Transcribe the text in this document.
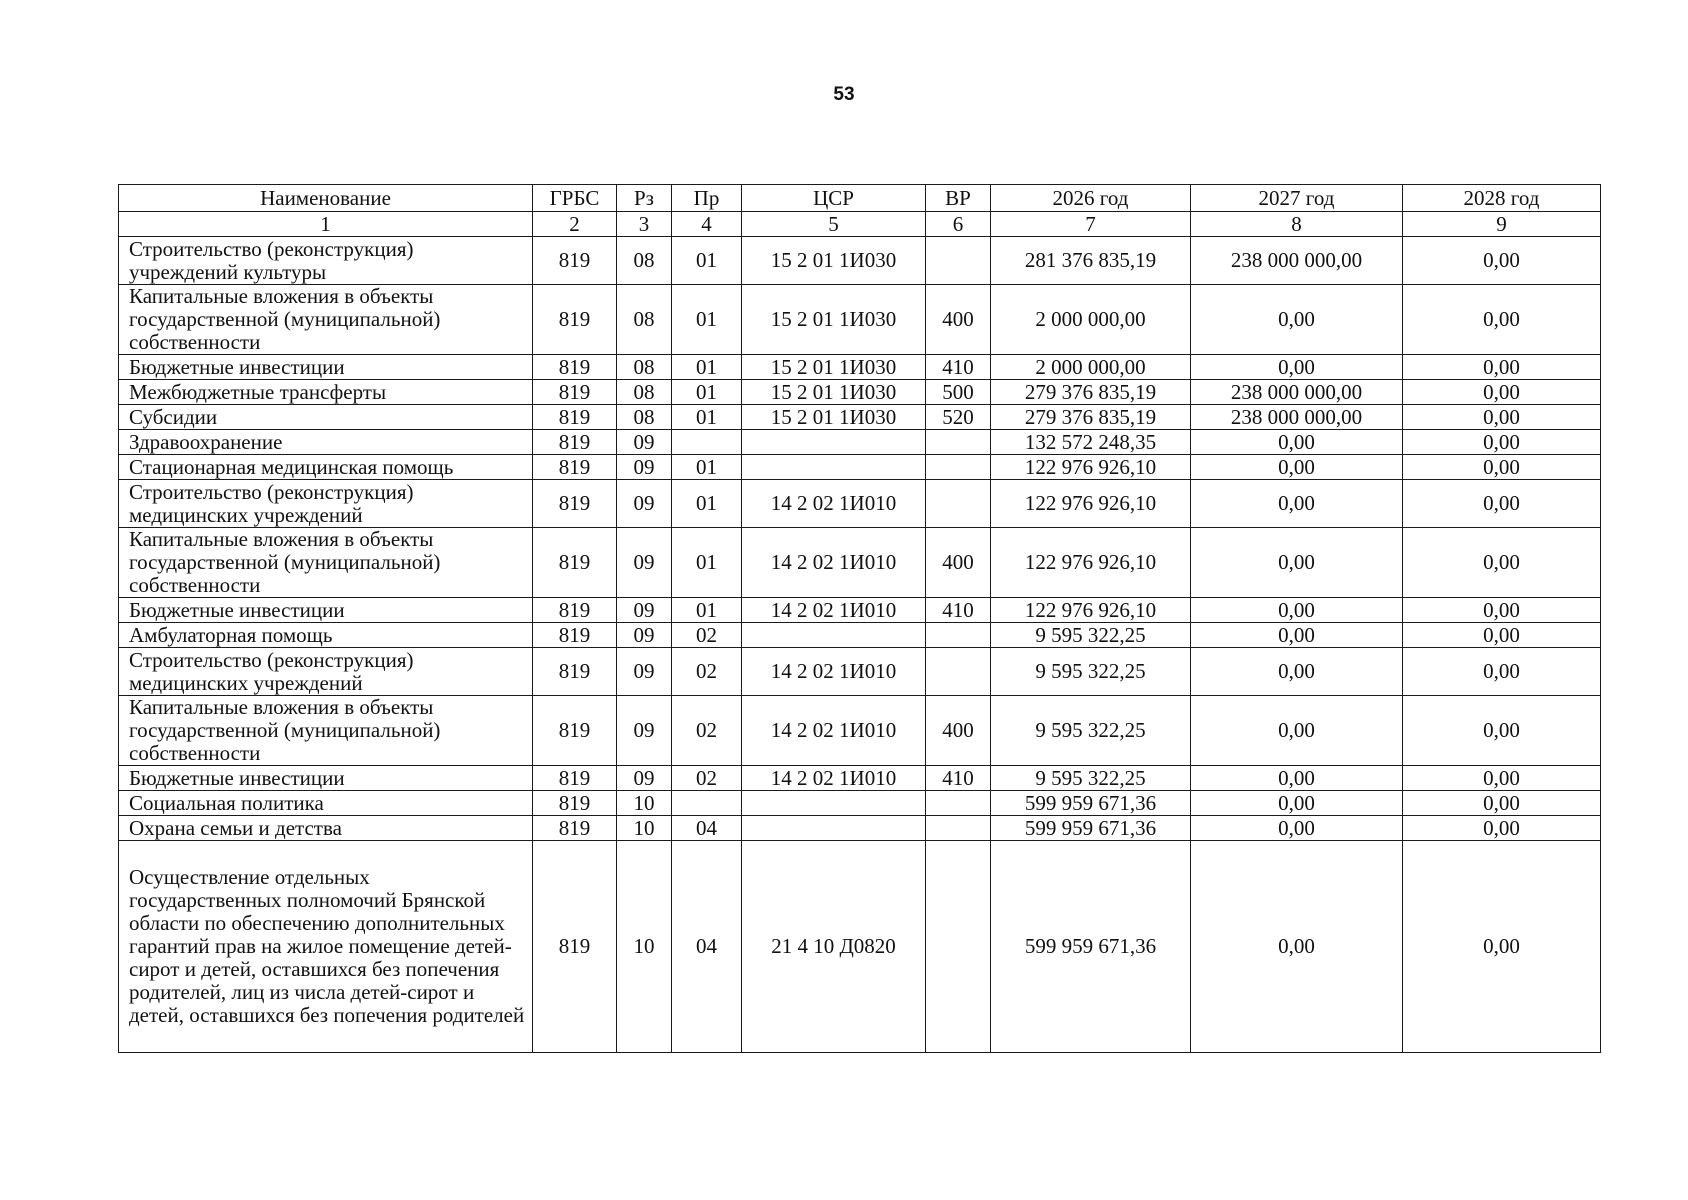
53
Наименование	ГРБС	Рз	Пр	ЦСР	ВР	2026 год	2027 год	2028 год
1	2	3	4	5	6	7	8	9
Строительство (реконструкция) учреждений культуры	819	08	01	15 2 01 1И030		281 376 835,19	238 000 000,00	0,00
Капитальные вложения в объекты государственной (муниципальной) собственности	819	08	01	15 2 01 1И030	400	2 000 000,00	0,00	0,00
Бюджетные инвестиции	819	08	01	15 2 01 1И030	410	2 000 000,00	0,00	0,00
Межбюджетные трансферты	819	08	01	15 2 01 1И030	500	279 376 835,19	238 000 000,00	0,00
Субсидии	819	08	01	15 2 01 1И030	520	279 376 835,19	238 000 000,00	0,00
Здравоохранение	819	09				132 572 248,35	0,00	0,00
Стационарная медицинская помощь	819	09	01			122 976 926,10	0,00	0,00
Строительство (реконструкция) медицинских учреждений	819	09	01	14 2 02 1И010		122 976 926,10	0,00	0,00
Капитальные вложения в объекты государственной (муниципальной) собственности	819	09	01	14 2 02 1И010	400	122 976 926,10	0,00	0,00
Бюджетные инвестиции	819	09	01	14 2 02 1И010	410	122 976 926,10	0,00	0,00
Амбулаторная помощь	819	09	02			9 595 322,25	0,00	0,00
Строительство (реконструкция) медицинских учреждений	819	09	02	14 2 02 1И010		9 595 322,25	0,00	0,00
Капитальные вложения в объекты государственной (муниципальной) собственности	819	09	02	14 2 02 1И010	400	9 595 322,25	0,00	0,00
Бюджетные инвестиции	819	09	02	14 2 02 1И010	410	9 595 322,25	0,00	0,00
Социальная политика	819	10				599 959 671,36	0,00	0,00
Охрана семьи и детства	819	10	04			599 959 671,36	0,00	0,00
Осуществление отдельных государственных полномочий Брянской области по обеспечению дополнительных гарантий прав на жилое помещение детей-сирот и детей, оставшихся без попечения родителей, лиц из числа детей-сирот и детей, оставшихся без попечения родителей	819	10	04	21 4 10 Д0820		599 959 671,36	0,00	0,00
